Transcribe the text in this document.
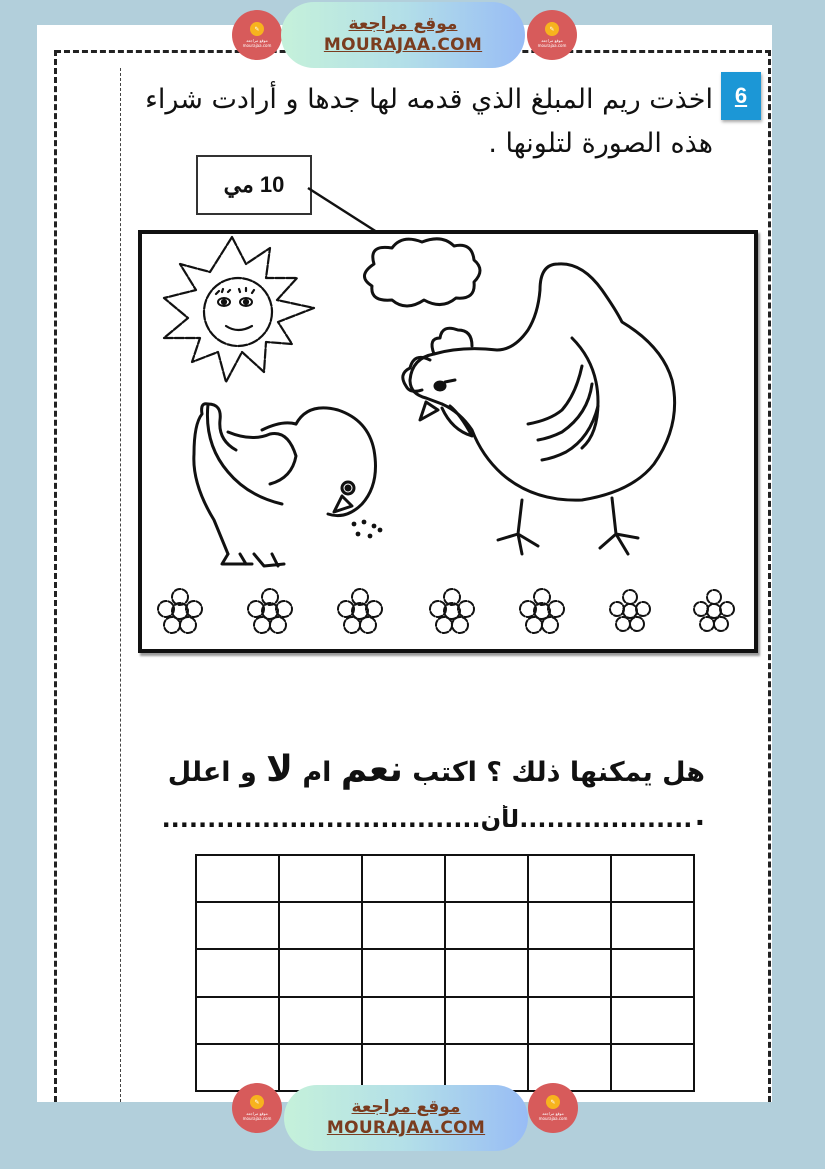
✎
موقع مراجعة
mourajaa.com
موقع مراجعة
MOURAJAA.COM
✎
موقع مراجعة
mourajaa.com
6
اخذت ريم المبلغ الذي قدمه لها جدها و أرادت شراء هذه الصورة لتلونها .
10 مي
هل يمكنها ذلك ؟ اكتب نعم ام لا و اعلل .
...................لأن...................................

✎
موقع مراجعة
mourajaa.com
موقع مراجعة
MOURAJAA.COM
✎
موقع مراجعة
mourajaa.com
